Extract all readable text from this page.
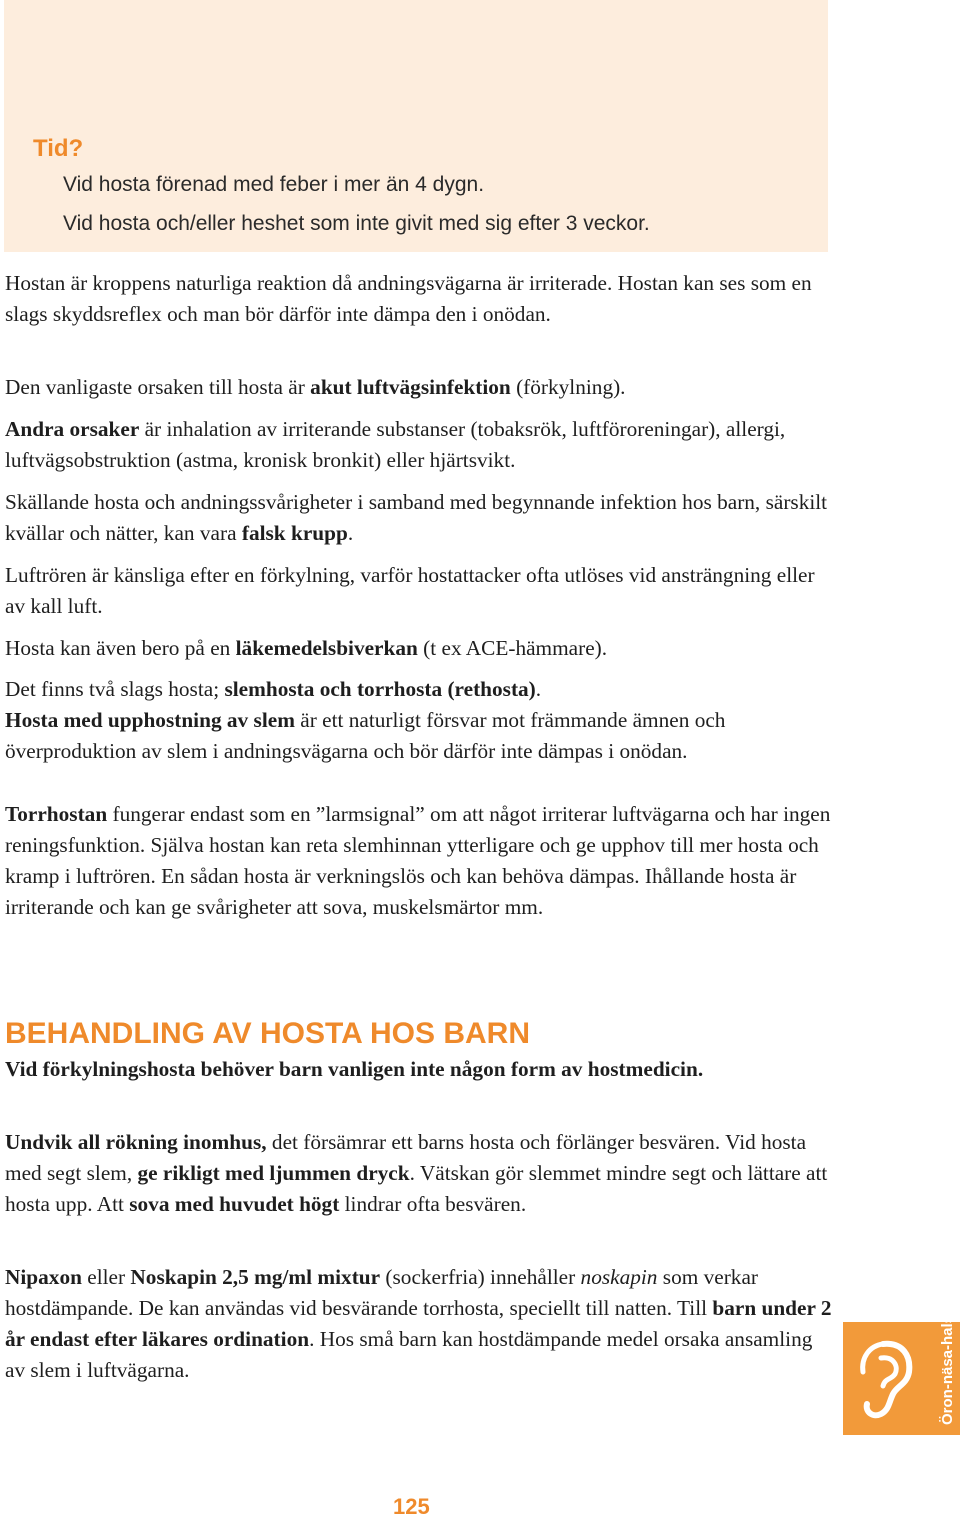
Tid?
Vid hosta förenad med feber i mer än 4 dygn.
Vid hosta och/eller heshet som inte givit med sig efter 3 veckor.

Hostan är kroppens naturliga reaktion då andningsvägarna är irriterade. Hostan kan ses som en slags skyddsreflex och man bör därför inte dämpa den i onödan.

Den vanligaste orsaken till hosta är akut luftvägsinfektion (förkylning).

Andra orsaker är inhalation av irriterande substanser (tobaksrök, luftföroreningar), allergi, luftvägsobstruktion (astma, kronisk bronkit) eller hjärtsvikt.

Skällande hosta och andningssvårigheter i samband med begynnande infektion hos barn, särskilt kvällar och nätter, kan vara falsk krupp.

Luftrören är känsliga efter en förkylning, varför hostattacker ofta utlöses vid ansträngning eller av kall luft.

Hosta kan även bero på en läkemedelsbiverkan (t ex ACE-hämmare).

Det finns två slags hosta; slemhosta och torrhosta (rethosta).

Hosta med upphostning av slem är ett naturligt försvar mot främmande ämnen och överproduktion av slem i andningsvägarna och bör därför inte dämpas i onödan.

Torrhostan fungerar endast som en ”larmsignal” om att något irriterar luftvägarna och har ingen reningsfunktion. Själva hostan kan reta slemhinnan ytterligare och ge upphov till mer hosta och kramp i luftrören. En sådan hosta är verkningslös och kan behöva dämpas. Ihållande hosta är irriterande och kan ge svårigheter att sova, muskelsmärtor mm.

BEHANDLING AV HOSTA HOS BARN

Vid förkylningshosta behöver barn vanligen inte någon form av hostmedicin.

Undvik all rökning inomhus, det försämrar ett barns hosta och förlänger besvären. Vid hosta med segt slem, ge rikligt med ljummen dryck. Vätskan gör slemmet mindre segt och lättare att hosta upp. Att sova med huvudet högt lindrar ofta besvären.

Nipaxon eller Noskapin 2,5 mg/ml mixtur (sockerfria) innehåller noskapin som verkar hostdämpande. De kan användas vid besvärande torrhosta, speciellt till natten. Till barn under 2 år endast efter läkares ordination. Hos små barn kan hostdämpande medel orsaka ansamling av slem i luftvägarna.	Öron-näsa-hals
125
